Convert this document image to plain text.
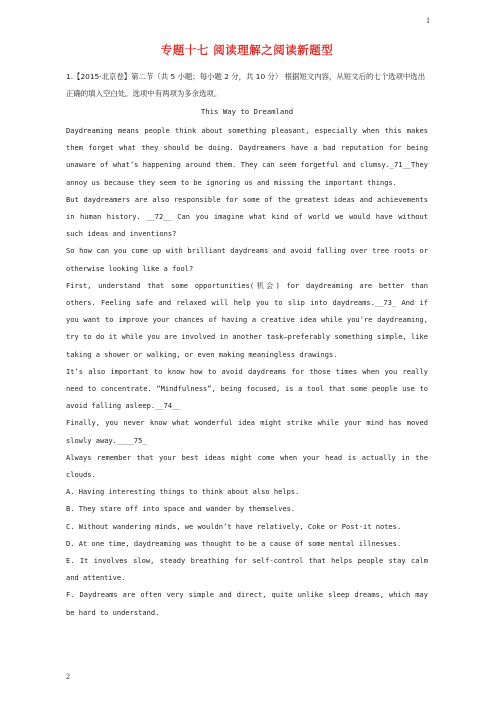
1
专题十七 阅读理解之阅读新题型

1.【2015·北京卷】第二节（共 5 小题；每小题 2 分，共 10 分） 根据短文内容，从短文后的七个选项中选出正确的填入空白处。选项中有两项为多余选项。

This Way to Dreamland

Daydreaming means people think about something pleasant, especially when this makes them forget what they should be doing. Daydreamers have a bad reputation for being unaware of what’s happening around them. They can seem forgetful and clumsy._71__They annoy us because they seem to be ignoring us and missing the important things.

But daydreamers are also responsible for some of the greatest ideas and achievements in human history. __72__ Can you imagine what kind of world we would have without such ideas and inventions?

So how can you come up with brilliant daydreams and avoid falling over tree roots or otherwise looking like a fool?

First, understand that some opportunities(机会) for daydreaming are better than others. Feeling safe and relaxed will help you to slip into daydreams.__73_ And if you want to improve your chances of having a creative idea while you’re daydreaming, try to do it while you are involved in another task—preferably something simple, like taking a shower or walking, or even making meaningless drawings.

It’s also important to know how to avoid daydreams for those times when you really need to concentrate. “Mindfulness”, being focused, is a tool that some people use to avoid falling asleep.__74__

Finally, you never know what wonderful idea might strike while your mind has moved slowly away.____75_

Always remember that your best ideas might come when your head is actually in the clouds.

A. Having interesting things to think about also helps.

B. They stare off into space and wander by themselves.

C. Without wandering minds, we wouldn’t have relatively, Coke or Post-it notes.

D. At one time, daydreaming was thought to be a cause of some mental illnesses.

E. It involves slow, steady breathing for self-control that helps people stay calm and attentive.

F. Daydreams are often very simple and direct, quite unlike sleep dreams, which may be hard to understand.

2
